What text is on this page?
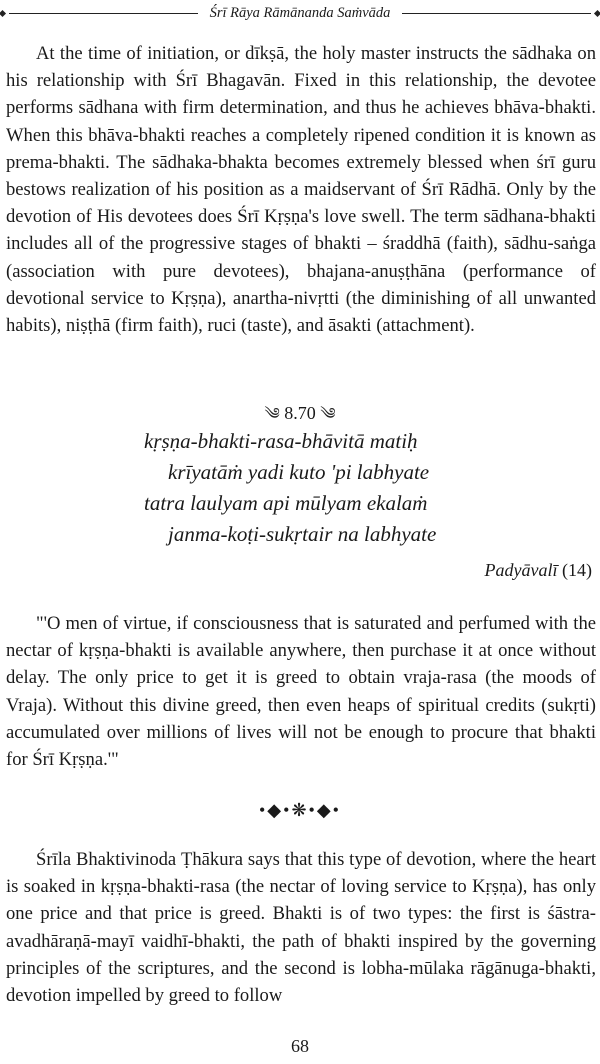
Śrī Rāya Rāmānanda Saṁvāda

At the time of initiation, or dīkṣā, the holy master instructs the sādhaka on his relationship with Śrī Bhagavān. Fixed in this relationship, the devotee performs sādhana with firm determination, and thus he achieves bhāva-bhakti. When this bhāva-bhakti reaches a completely ripened condition it is known as prema-bhakti. The sādhaka-bhakta becomes extremely blessed when śrī guru bestows realization of his position as a maidservant of Śrī Rādhā. Only by the devotion of His devotees does Śrī Kṛṣṇa's love swell. The term sādhana-bhakti includes all of the progressive stages of bhakti – śraddhā (faith), sādhu-saṅga (association with pure devotees), bhajana-anuṣṭhāna (performance of devotional service to Kṛṣṇa), anartha-nivṛtti (the diminishing of all unwanted habits), niṣṭhā (firm faith), ruci (taste), and āsakti (attachment).

༄ 8.70 ༄
kṛṣṇa-bhakti-rasa-bhāvitā matiḥ
krīyatāṁ yadi kuto 'pi labhyate
tatra laulyam api mūlyam ekalaṁ
janma-koṭi-sukṛtair na labhyate
Padyāvalī (14)

"'O men of virtue, if consciousness that is saturated and perfumed with the nectar of kṛṣṇa-bhakti is available anywhere, then purchase it at once without delay. The only price to get it is greed to obtain vraja-rasa (the moods of Vraja). Without this divine greed, then even heaps of spiritual credits (sukṛti) accumulated over millions of lives will not be enough to procure that bhakti for Śrī Kṛṣṇa.'"

•◆•❋•◆•

Śrīla Bhaktivinoda Ṭhākura says that this type of devotion, where the heart is soaked in kṛṣṇa-bhakti-rasa (the nectar of loving service to Kṛṣṇa), has only one price and that price is greed. Bhakti is of two types: the first is śāstra-avadhāraṇā-mayī vaidhī-bhakti, the path of bhakti inspired by the governing principles of the scriptures, and the second is lobha-mūlaka rāgānuga-bhakti, devotion impelled by greed to follow

68
